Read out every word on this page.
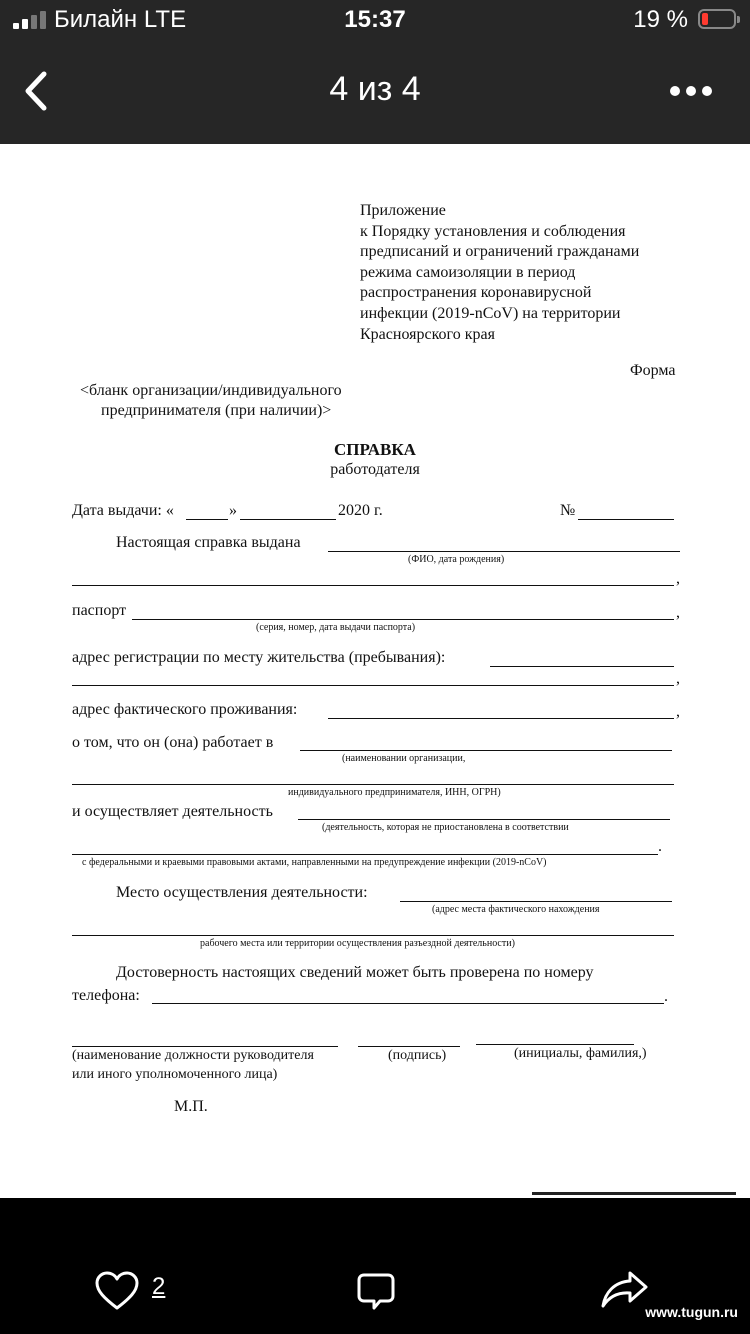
Билайн LTE	15:37	19 %
4 из 4
Приложение
к Порядку установления и соблюдения
предписаний и ограничений гражданами
режима самоизоляции в период
распространения коронавирусной
инфекции (2019-nCoV) на территории
Красноярского края
Форма
<бланк организации/индивидуального
предпринимателя (при наличии)>
СПРАВКА
работодателя
Дата выдачи: «	»	2020 г.	№
Настоящая справка выдана
(ФИО, дата рождения)
,
паспорт	,
(серия, номер, дата выдачи паспорта)
адрес регистрации по месту жительства (пребывания):
,
адрес фактического проживания:	,
о том, что он (она) работает в
(наименовании организации,
индивидуального предпринимателя, ИНН, ОГРН)
и осуществляет деятельность
(деятельность, которая не приостановлена в соответствии
.
с федеральными и краевыми правовыми актами, направленными на предупреждение инфекции (2019-nCoV)
Место осуществления деятельности:
(адрес места фактического нахождения
рабочего места или территории осуществления разъездной деятельности)
Достоверность настоящих сведений может быть проверена по номеру
телефона:	.
(наименование должности руководителя
или иного уполномоченного лица)
(подпись)	(инициалы, фамилия,)
М.П.
2
www.tugun.ru
